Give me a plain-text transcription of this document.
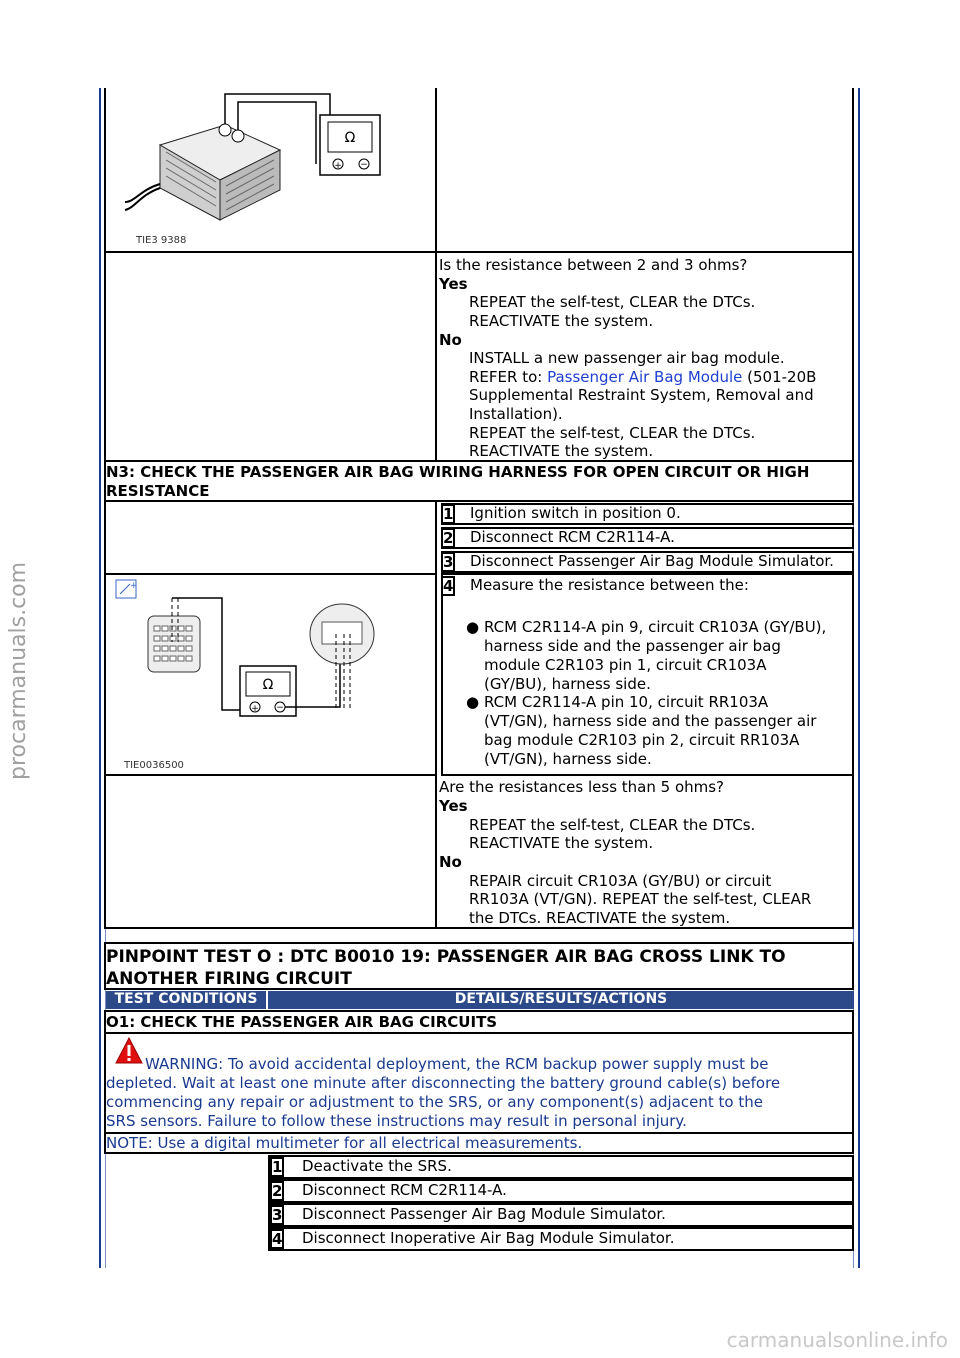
procarmanuals.com
carmanualsonline.info
Ω
+ −
TIE3 9388
Is the resistance between 2 and 3 ohms?
Yes
REPEAT the self-test, CLEAR the DTCs.
REACTIVATE the system.
No
INSTALL a new passenger air bag module.
REFER to: Passenger Air Bag Module (501-20B
Supplemental Restraint System, Removal and
Installation).
REPEAT the self-test, CLEAR the DTCs.
REACTIVATE the system.
N3: CHECK THE PASSENGER AIR BAG WIRING HARNESS FOR OPEN CIRCUIT OR HIGH
RESISTANCE
1 Ignition switch in position 0.
2 Disconnect RCM C2R114-A.
3 Disconnect Passenger Air Bag Module Simulator.
4 Measure the resistance between the:
● RCM C2R114-A pin 9, circuit CR103A (GY/BU),
harness side and the passenger air bag
module C2R103 pin 1, circuit CR103A
(GY/BU), harness side.
● RCM C2R114-A pin 10, circuit RR103A
(VT/GN), harness side and the passenger air
bag module C2R103 pin 2, circuit RR103A
(VT/GN), harness side.
+
Ω
+ −
TIE0036500
Are the resistances less than 5 ohms?
Yes
REPEAT the self-test, CLEAR the DTCs.
REACTIVATE the system.
No
REPAIR circuit CR103A (GY/BU) or circuit
RR103A (VT/GN). REPEAT the self-test, CLEAR
the DTCs. REACTIVATE the system.
PINPOINT TEST O : DTC B0010 19: PASSENGER AIR BAG CROSS LINK TO
ANOTHER FIRING CIRCUIT
TEST CONDITIONS	DETAILS/RESULTS/ACTIONS
O1: CHECK THE PASSENGER AIR BAG CIRCUITS
WARNING: To avoid accidental deployment, the RCM backup power supply must be
depleted. Wait at least one minute after disconnecting the battery ground cable(s) before
commencing any repair or adjustment to the SRS, or any component(s) adjacent to the
SRS sensors. Failure to follow these instructions may result in personal injury.
NOTE: Use a digital multimeter for all electrical measurements.
1 Deactivate the SRS.
2 Disconnect RCM C2R114-A.
3 Disconnect Passenger Air Bag Module Simulator.
4 Disconnect Inoperative Air Bag Module Simulator.
